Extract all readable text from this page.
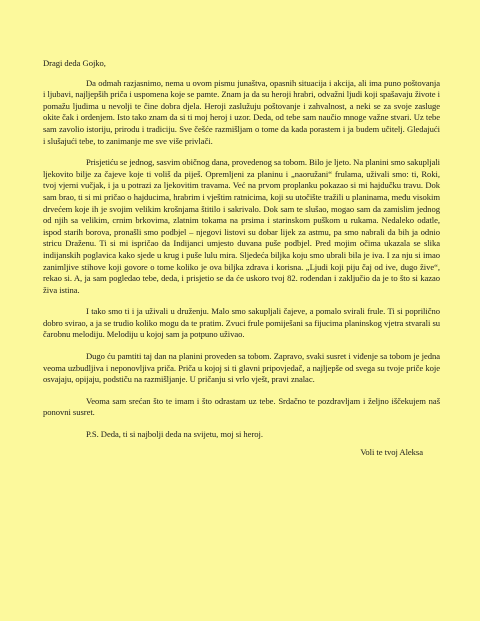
Dragi deda Gojko,

Da odmah razjasnimo, nema u ovom pismu junaštva, opasnih situacija i akcija, ali ima puno poštovanja i ljubavi, najljepših priča i uspomena koje se pamte. Znam ja da su heroji hrabri, odvažni ljudi koji spašavaju živote i pomažu ljudima u nevolji te čine dobra djela. Heroji zaslužuju poštovanje i zahvalnost, a neki se za svoje zasluge okite čak i ordenjem. Isto tako znam da si ti moj heroj i uzor. Deda, od tebe sam naučio mnoge važne stvari. Uz tebe sam zavolio istoriju, prirodu i tradiciju. Sve češće razmišljam o tome da kada porastem i ja budem učitelj. Gledajući i slušajući tebe, to zanimanje me sve više privlači.

Prisjetiću se jednog, sasvim običnog dana, provedenog sa tobom. Bilo je ljeto. Na planini smo sakupljali ljekovito bilje za čajeve koje ti voliš da piješ. Opremljeni za planinu i „naoružani“ frulama, uživali smo: ti, Roki, tvoj vjerni vučjak, i ja u potrazi za ljekovitim travama. Već na prvom proplanku pokazao si mi hajdučku travu. Dok sam brao, ti si mi pričao o hajducima, hrabrim i vještim ratnicima, koji su utočište tražili u planinama, među visokim drvećem koje ih je svojim velikim krošnjama štitilo i sakrivalo. Dok sam te slušao, mogao sam da zamislim jednog od njih sa velikim, crnim brkovima, zlatnim tokama na prsima i starinskom puškom u rukama. Nedaleko odatle, ispod starih borova, pronašli smo podbjel – njegovi listovi su dobar lijek za astmu, pa smo nabrali da bih ja odnio stricu Draženu. Ti si mi ispričao da Indijanci umjesto duvana puše podbjel. Pred mojim očima ukazala se slika indijanskih poglavica kako sjede u krug i puše lulu mira. Sljedeća biljka koju smo ubrali bila je iva. I za nju si imao zanimljive stihove koji govore o tome koliko je ova biljka zdrava i korisna. „Ljudi koji piju čaj od ive, dugo žive“, rekao si. A, ja sam pogledao tebe, deda, i prisjetio se da će uskoro tvoj 82. rođendan i zaključio da je to što si kazao živa istina.

I tako smo ti i ja uživali u druženju. Malo smo sakupljali čajeve, a pomalo svirali frule. Ti si poprilično dobro svirao, a ja se trudio koliko mogu da te pratim. Zvuci frule pomiješani sa fijucima planinskog vjetra stvarali su čarobnu melodiju. Melodiju u kojoj sam ja potpuno uživao.

Dugo ću pamtiti taj dan na planini proveden sa tobom. Zapravo, svaki susret i viđenje sa tobom je jedna veoma uzbudljiva i neponovljiva priča. Priča u kojoj si ti glavni pripovjedač, a najljepše od svega su tvoje priče koje osvajaju, opijaju, podstiču na razmišljanje. U pričanju si vrlo vješt, pravi znalac.

Veoma sam srećan što te imam i što odrastam uz tebe. Srdačno te pozdravljam i željno iščekujem naš ponovni susret.

P.S. Deda, ti si najbolji deda na svijetu, moj si heroj.

Voli te tvoj Aleksa
